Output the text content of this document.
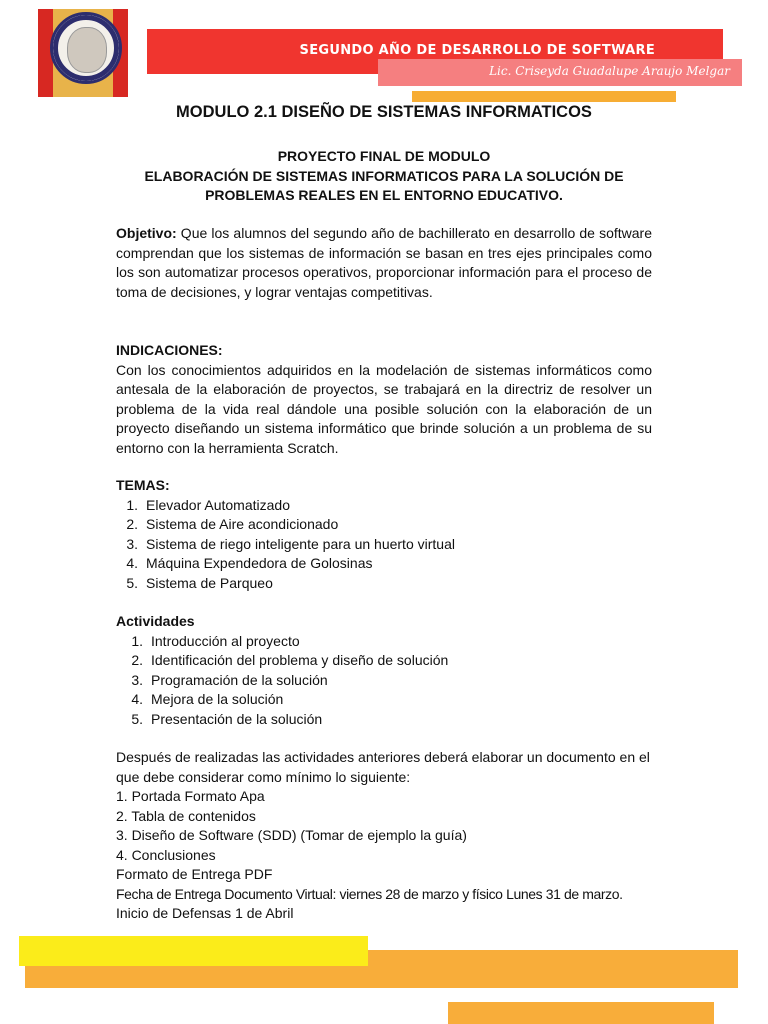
SEGUNDO AÑO DE DESARROLLO DE SOFTWARE
Lic. Criseyda Guadalupe Araujo Melgar
MODULO 2.1 DISEÑO DE SISTEMAS INFORMATICOS
PROYECTO FINAL DE MODULO
ELABORACIÓN DE SISTEMAS INFORMATICOS PARA LA SOLUCIÓN DE
PROBLEMAS REALES EN EL ENTORNO EDUCATIVO.
Objetivo: Que los alumnos del segundo año de bachillerato en desarrollo de software comprendan que los sistemas de información se basan en tres ejes principales como los son automatizar procesos operativos, proporcionar información para el proceso de toma de decisiones, y lograr ventajas competitivas.
INDICACIONES:
Con los conocimientos adquiridos en la modelación de sistemas informáticos como antesala de la elaboración de proyectos, se trabajará en la directriz de resolver un problema de la vida real dándole una posible solución con la elaboración de un proyecto diseñando un sistema informático que brinde solución a un problema de su entorno con la herramienta Scratch.
TEMAS:
1. Elevador Automatizado
2. Sistema de Aire acondicionado
3. Sistema de riego inteligente para un huerto virtual
4. Máquina Expendedora de Golosinas
5. Sistema de Parqueo
Actividades
1. Introducción al proyecto
2. Identificación del problema y diseño de solución
3. Programación de la solución
4. Mejora de la solución
5. Presentación de la solución
Después de realizadas las actividades anteriores deberá elaborar un documento en el que debe considerar como mínimo lo siguiente:
1. Portada Formato Apa
2. Tabla de contenidos
3. Diseño de Software (SDD) (Tomar de ejemplo la guía)
4. Conclusiones
Formato de Entrega PDF
Fecha de Entrega Documento Virtual: viernes 28 de marzo y físico Lunes 31 de marzo.
Inicio de Defensas 1 de Abril
